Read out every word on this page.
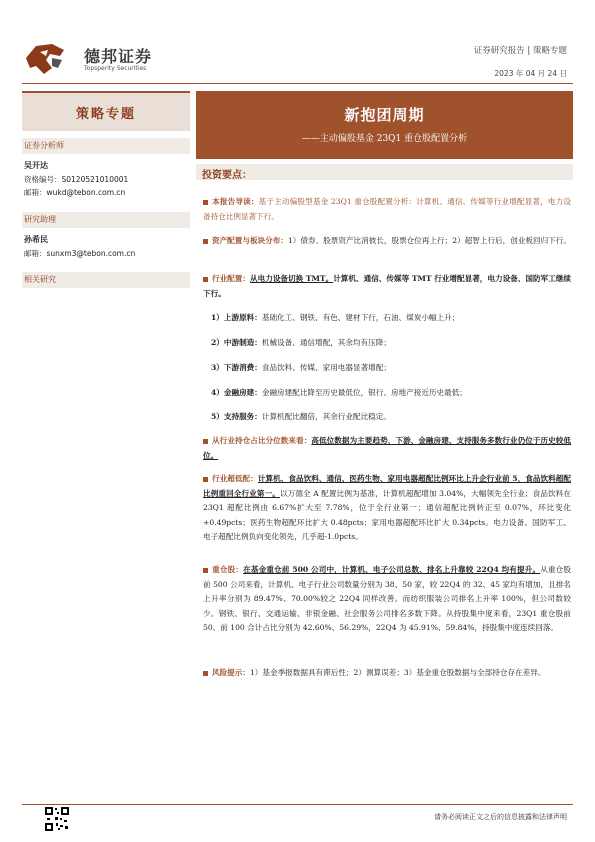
德邦证券
Topsperity Securities
证券研究报告 | 策略专题
2023 年 04 月 24 日
策略专题
证券分析师
吴开达
资格编号：S0120521010001
邮箱：wukd@tebon.com.cn
研究助理
孙希民
邮箱：sunxm3@tebon.com.cn
相关研究
新抱团周期
——主动偏股基金 23Q1 重仓股配置分析
投资要点：
本报告导读：基于主动偏股型基金 23Q1 重仓股配置分析：计算机、通信、传媒等行业增配显著，电力设备持仓比例显著下行。
资产配置与板块分布：1）债券、股票资产比消彼长，股票仓位再上行；2）超智上行后，创业板回归下行。
行业配置：从电力设备切换 TMT。计算机、通信、传媒等 TMT 行业增配显著，电力设备、国防军工继续下行。
1）上游原料：基础化工、钢铁、有色、建材下行，石油、煤炭小幅上升；
2）中游制造：机械设备、通信增配，其余均有压降；
3）下游消费：食品饮料、传媒、家用电器显著增配；
4）金融房建：金融房建配比降至历史最低位，银行、房地产接近历史最低；
5）支持服务：计算机配比翻倍，其余行业配比稳定。
从行业持仓占比分位数来看：高低位数据为主要趋势，下游、金融房建、支持服务多数行业仍位于历史较低位。
行业超低配：计算机、食品饮料、通信、医药生物、家用电器超配比例环比上升企行业前 5，食品饮料超配比例重回全行业第一。以万德全 A 配置比例为基准，计算机超配增加 3.04%，大幅领先全行业；食品饮料在 23Q1 超配比例由 6.67%扩大至 7.78%，位于全行业第一；通信超配比例转正至 0.07%，环比变化+0.49pcts；医药生物超配环比扩大 0.48pcts；家用电器超配环比扩大 0.34pcts。电力设备、国防军工、电子超配比例负向变化领先，几乎超-1.0pcts。
重仓股：在基金重仓前 500 公司中，计算机、电子公司总数、排名上升靠较 22Q4 均有提升。从重仓股前 500 公司来看，计算机、电子行业公司数量分别为 38、50 家，较 22Q4 的 32、45 家均有增加，且排名上升率分别为 89.47%、70.00%较之 22Q4 同样改善。而纺织服装公司排名上升率 100%，但公司数较少。钢铁、银行、交通运输、非银金融、社会服务公司排名多数下降。从持股集中度来看，23Q1 重仓股前 50、前 100 合计占比分别为 42.60%、56.29%，22Q4 为 45.91%、59.84%，持股集中度连续回落。
风险提示：1）基金季报数据具有滞后性；2）测算误差；3）基金重仓股数据与全部持仓存在差异。
请务必阅读正文之后的信息披露和法律声明
